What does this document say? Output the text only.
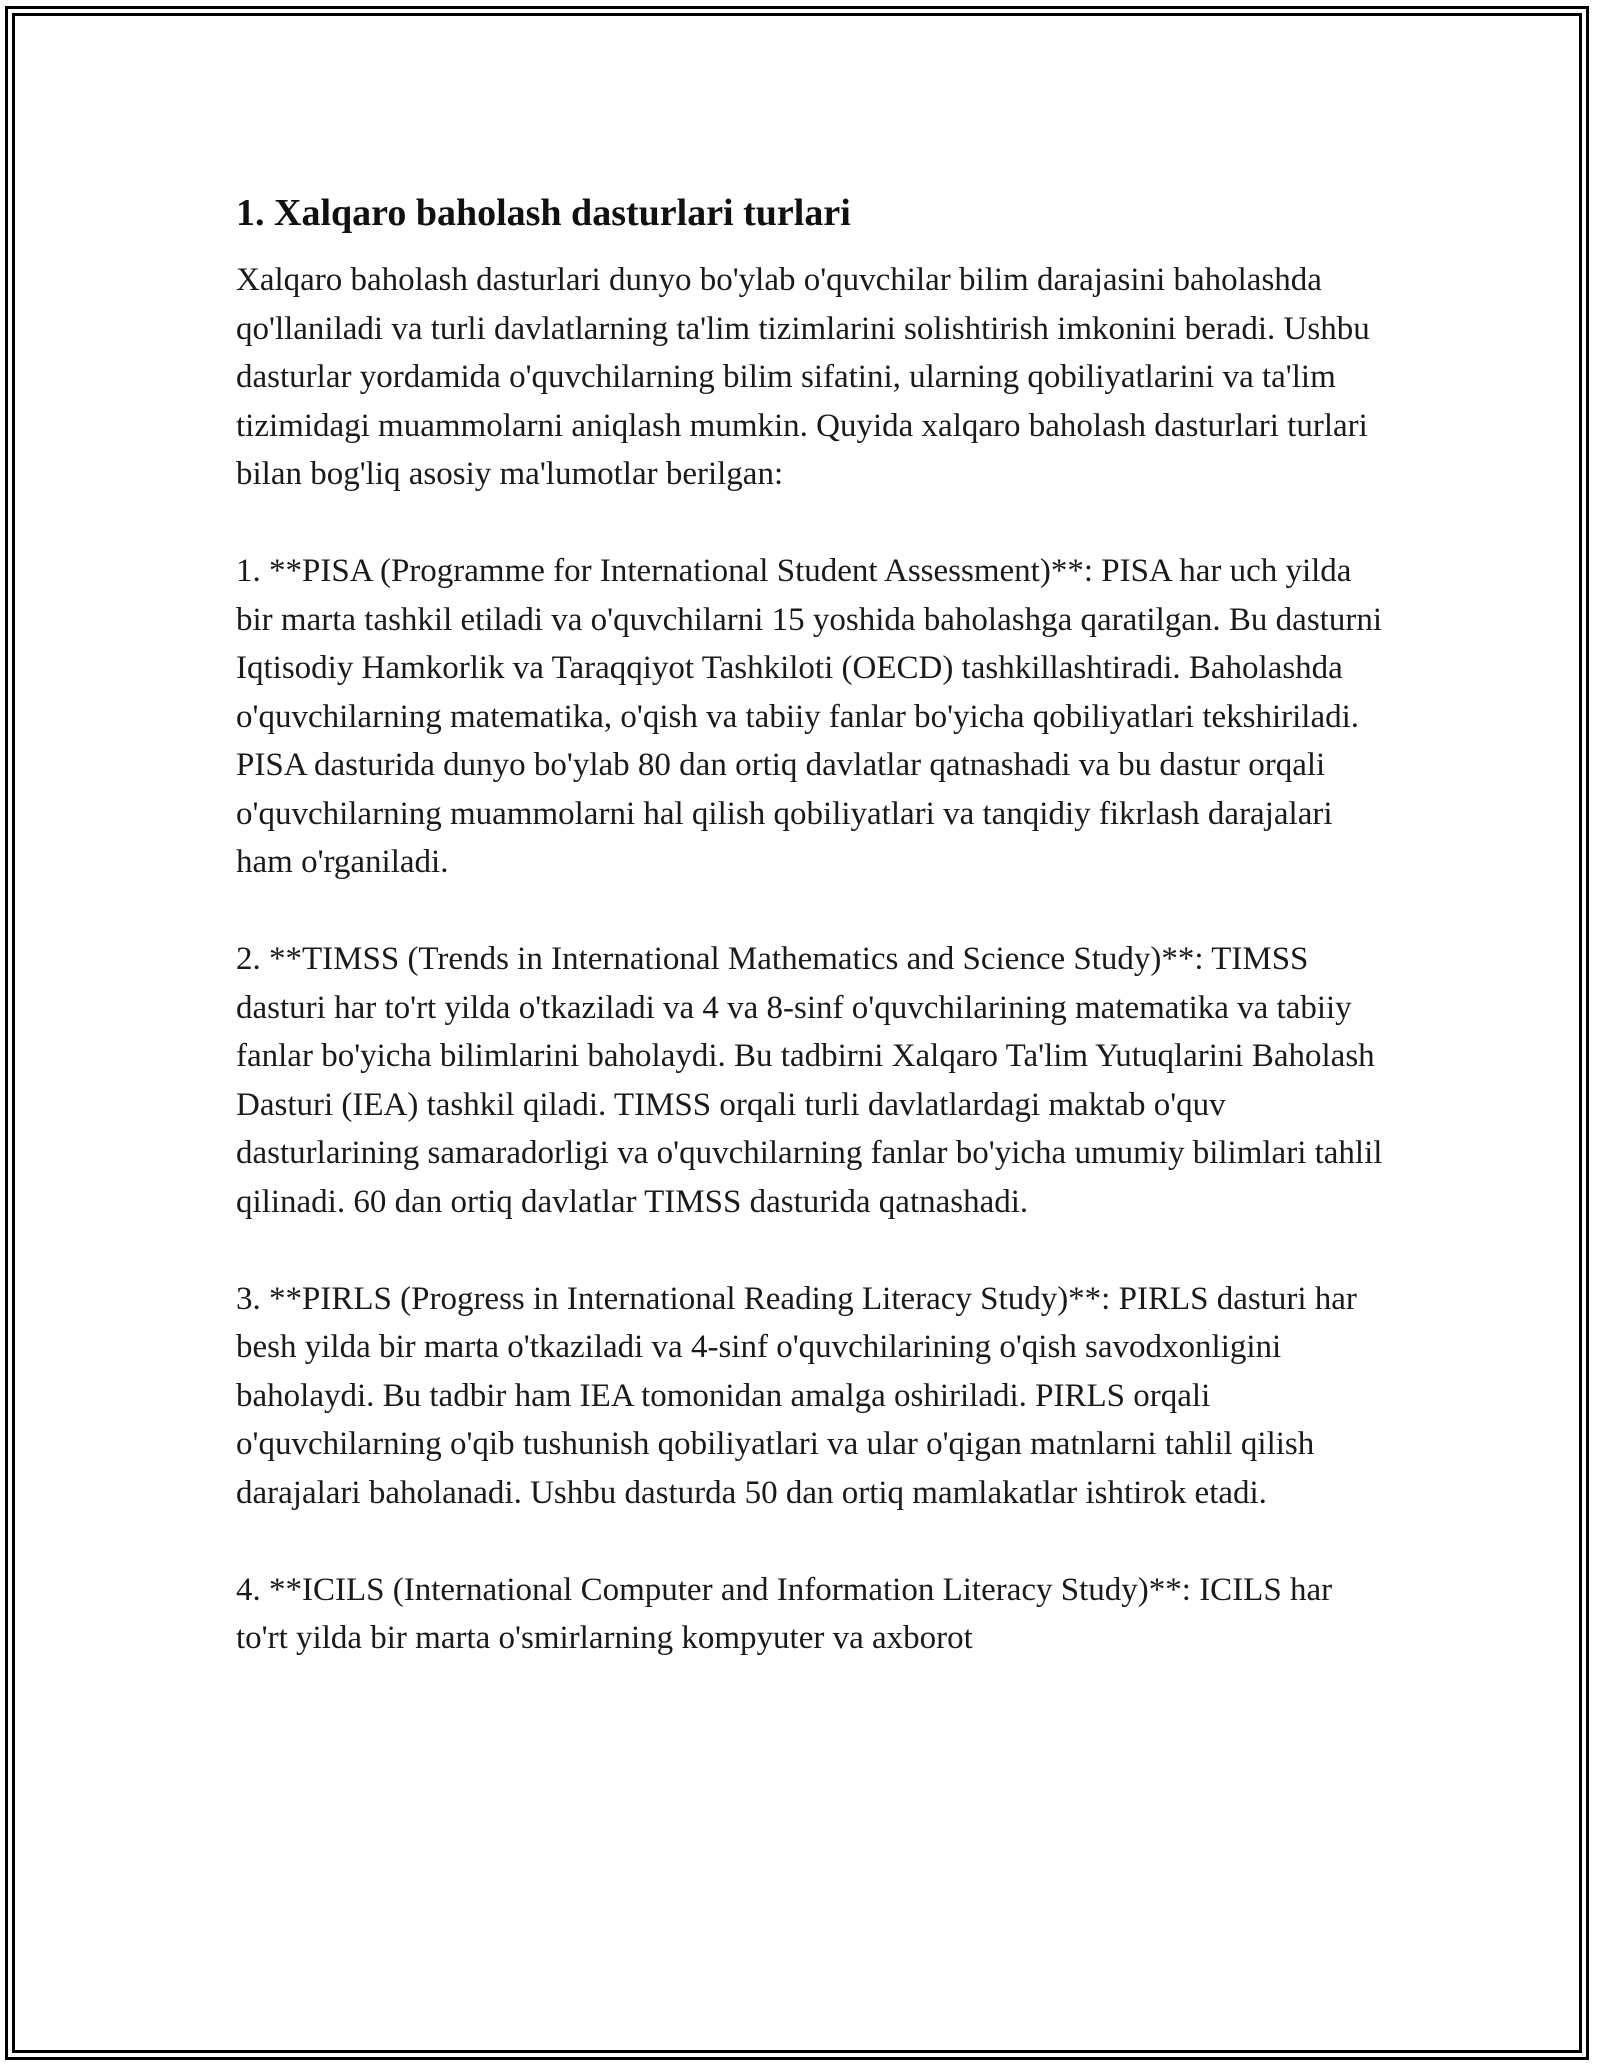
1. Xalqaro baholash dasturlari turlari

Xalqaro baholash dasturlari dunyo bo'ylab o'quvchilar bilim darajasini baholashda qo'llaniladi va turli davlatlarning ta'lim tizimlarini solishtirish imkonini beradi. Ushbu dasturlar yordamida o'quvchilarning bilim sifatini, ularning qobiliyatlarini va ta'lim tizimidagi muammolarni aniqlash mumkin. Quyida xalqaro baholash dasturlari turlari bilan bog'liq asosiy ma'lumotlar berilgan:

1. **PISA (Programme for International Student Assessment)**: PISA har uch yilda bir marta tashkil etiladi va o'quvchilarni 15 yoshida baholashga qaratilgan. Bu dasturni Iqtisodiy Hamkorlik va Taraqqiyot Tashkiloti (OECD) tashkillashtiradi. Baholashda o'quvchilarning matematika, o'qish va tabiiy fanlar bo'yicha qobiliyatlari tekshiriladi. PISA dasturida dunyo bo'ylab 80 dan ortiq davlatlar qatnashadi va bu dastur orqali o'quvchilarning muammolarni hal qilish qobiliyatlari va tanqidiy fikrlash darajalari ham o'rganiladi.

2. **TIMSS (Trends in International Mathematics and Science Study)**: TIMSS dasturi har to'rt yilda o'tkaziladi va 4 va 8-sinf o'quvchilarining matematika va tabiiy fanlar bo'yicha bilimlarini baholaydi. Bu tadbirni Xalqaro Ta'lim Yutuqlarini Baholash Dasturi (IEA) tashkil qiladi. TIMSS orqali turli davlatlardagi maktab o'quv dasturlarining samaradorligi va o'quvchilarning fanlar bo'yicha umumiy bilimlari tahlil qilinadi. 60 dan ortiq davlatlar TIMSS dasturida qatnashadi.

3. **PIRLS (Progress in International Reading Literacy Study)**: PIRLS dasturi har besh yilda bir marta o'tkaziladi va 4-sinf o'quvchilarining o'qish savodxonligini baholaydi. Bu tadbir ham IEA tomonidan amalga oshiriladi. PIRLS orqali o'quvchilarning o'qib tushunish qobiliyatlari va ular o'qigan matnlarni tahlil qilish darajalari baholanadi. Ushbu dasturda 50 dan ortiq mamlakatlar ishtirok etadi.

4. **ICILS (International Computer and Information Literacy Study)**: ICILS har to'rt yilda bir marta o'smirlarning kompyuter va axborot
